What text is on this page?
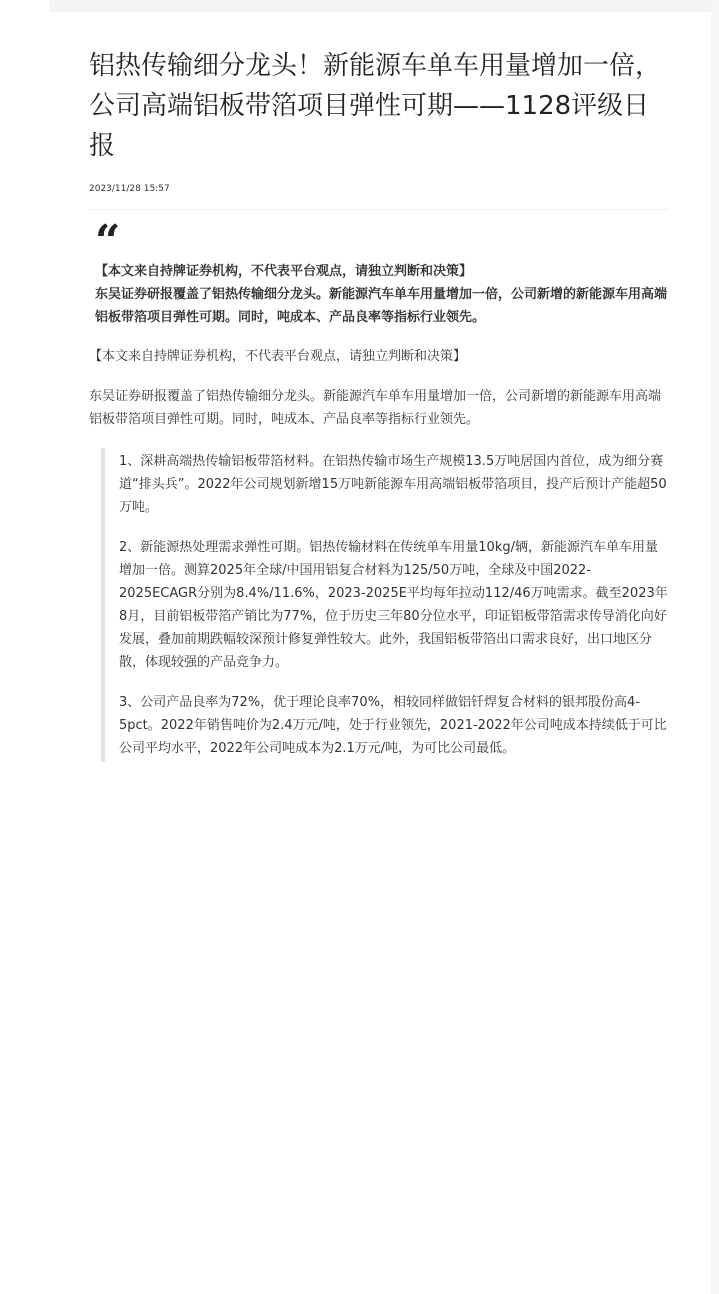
铝热传输细分龙头！新能源车单车用量增加一倍，公司高端铝板带箔项目弹性可期——1128评级日报
2023/11/28 15:57
“

【本文来自持牌证券机构，不代表平台观点，请独立判断和决策】

东吴证券研报覆盖了铝热传输细分龙头。新能源汽车单车用量增加一倍，公司新增的新能源车用高端铝板带箔项目弹性可期。同时，吨成本、产品良率等指标行业领先。

【本文来自持牌证券机构，不代表平台观点，请独立判断和决策】
东吴证券研报覆盖了铝热传输细分龙头。新能源汽车单车用量增加一倍，公司新增的新能源车用高端铝板带箔项目弹性可期。同时，吨成本、产品良率等指标行业领先。

1、深耕高端热传输铝板带箔材料。在铝热传输市场生产规模13.5万吨居国内首位，成为细分赛道“排头兵”。2022年公司规划新增15万吨新能源车用高端铝板带箔项目，投产后预计产能超50万吨。

2、新能源热处理需求弹性可期。铝热传输材料在传统单车用量10kg/辆，新能源汽车单车用量增加一倍。测算2025年全球/中国用铝复合材料为125/50万吨，全球及中国2022-2025ECAGR分别为8.4%/11.6%，2023-2025E平均每年拉动112/46万吨需求。截至2023年8月，目前铝板带箔产销比为77%，位于历史三年80分位水平，印证铝板带箔需求传导消化向好发展，叠加前期跌幅较深预计修复弹性较大。此外，我国铝板带箔出口需求良好，出口地区分散，体现较强的产品竞争力。

3、公司产品良率为72%，优于理论良率70%，相较同样做铝钎焊复合材料的银邦股份高4-5pct。2022年销售吨价为2.4万元/吨，处于行业领先，2021-2022年公司吨成本持续低于可比公司平均水平，2022年公司吨成本为2.1万元/吨，为可比公司最低。
